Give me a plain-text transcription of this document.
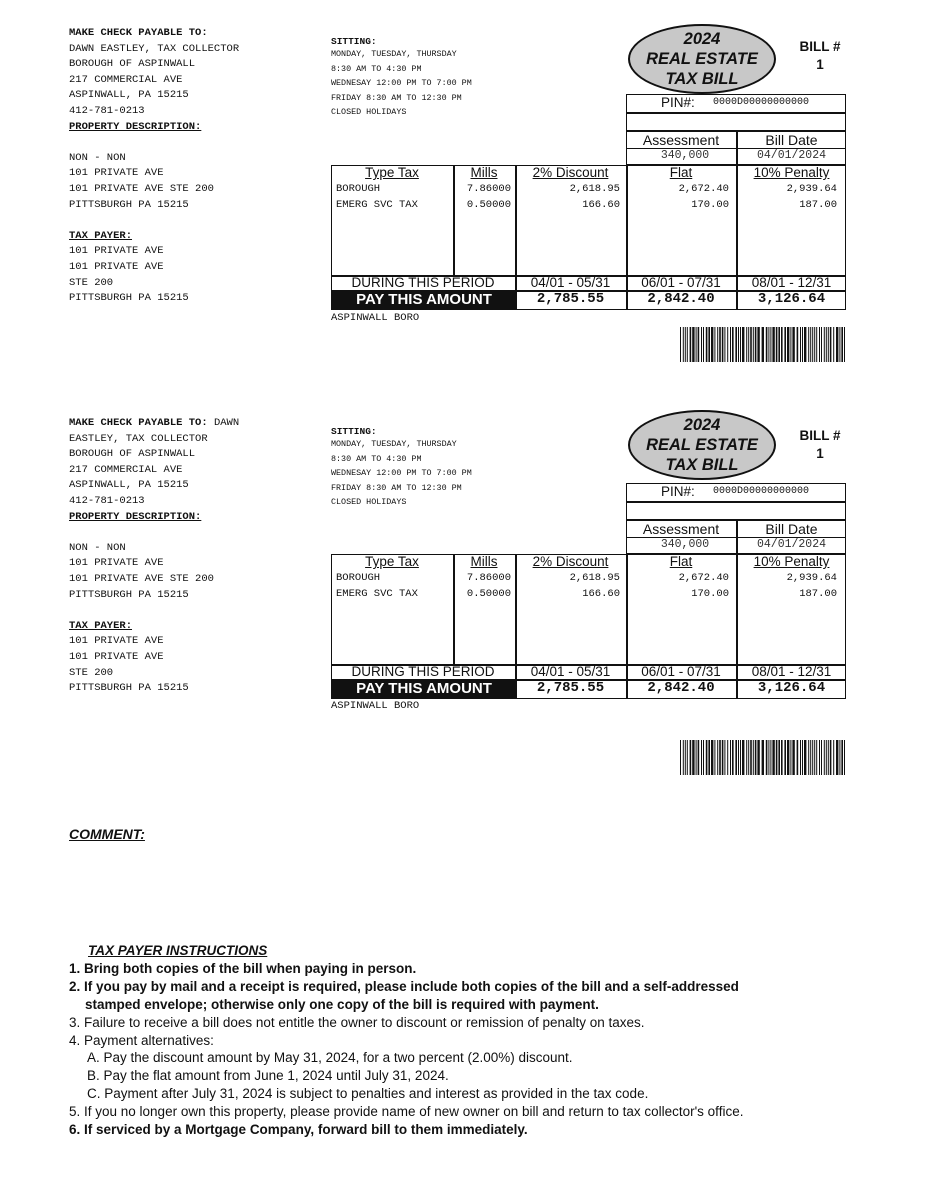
MAKE CHECK PAYABLE TO:
DAWN EASTLEY, TAX COLLECTOR
BOROUGH OF ASPINWALL
217 COMMERCIAL AVE
ASPINWALL, PA 15215
412-781-0213
PROPERTY DESCRIPTION:
NON - NON
101 PRIVATE AVE
101 PRIVATE AVE STE 200
PITTSBURGH PA 15215
TAX PAYER:
101 PRIVATE AVE
101 PRIVATE AVE
STE 200
PITTSBURGH PA 15215
SITTING:
MONDAY, TUESDAY, THURSDAY
8:30 AM TO 4:30 PM
WEDNESAY 12:00 PM TO 7:00 PM
FRIDAY 8:30 AM TO 12:30 PM
CLOSED HOLIDAYS
2024
REAL ESTATE
TAX BILL
BILL #
1
PIN#: 0000D00000000000
Assessment	Bill Date
340,000	04/01/2024
Type Tax	Mills	2% Discount	Flat	10% Penalty
BOROUGH	7.86000	2,618.95	2,672.40	2,939.64
EMERG SVC TAX	0.50000	166.60	170.00	187.00
DURING THIS PERIOD	04/01 - 05/31	06/01 - 07/31	08/01 - 12/31
PAY THIS AMOUNT	2,785.55	2,842.40	3,126.64
ASPINWALL BORO
MAKE CHECK PAYABLE TO: DAWN
EASTLEY, TAX COLLECTOR
BOROUGH OF ASPINWALL
217 COMMERCIAL AVE
ASPINWALL, PA 15215
412-781-0213
PROPERTY DESCRIPTION:
NON - NON
101 PRIVATE AVE
101 PRIVATE AVE STE 200
PITTSBURGH PA 15215
TAX PAYER:
101 PRIVATE AVE
101 PRIVATE AVE
STE 200
PITTSBURGH PA 15215
SITTING:
MONDAY, TUESDAY, THURSDAY
8:30 AM TO 4:30 PM
WEDNESAY 12:00 PM TO 7:00 PM
FRIDAY 8:30 AM TO 12:30 PM
CLOSED HOLIDAYS
2024
REAL ESTATE
TAX BILL
BILL #
1
PIN#: 0000D00000000000
Assessment	Bill Date
340,000	04/01/2024
Type Tax	Mills	2% Discount	Flat	10% Penalty
BOROUGH	7.86000	2,618.95	2,672.40	2,939.64
EMERG SVC TAX	0.50000	166.60	170.00	187.00
DURING THIS PERIOD	04/01 - 05/31	06/01 - 07/31	08/01 - 12/31
PAY THIS AMOUNT	2,785.55	2,842.40	3,126.64
ASPINWALL BORO
COMMENT:
TAX PAYER INSTRUCTIONS
1. Bring both copies of the bill when paying in person.
2. If you pay by mail and a receipt is required, please include both copies of the bill and a self-addressed
stamped envelope; otherwise only one copy of the bill is required with payment.
3. Failure to receive a bill does not entitle the owner to discount or remission of penalty on taxes.
4. Payment alternatives:
A. Pay the discount amount by May 31, 2024, for a two percent (2.00%) discount.
B. Pay the flat amount from June 1, 2024 until July 31, 2024.
C. Payment after July 31, 2024 is subject to penalties and interest as provided in the tax code.
5. If you no longer own this property, please provide name of new owner on bill and return to tax collector's office.
6. If serviced by a Mortgage Company, forward bill to them immediately.
